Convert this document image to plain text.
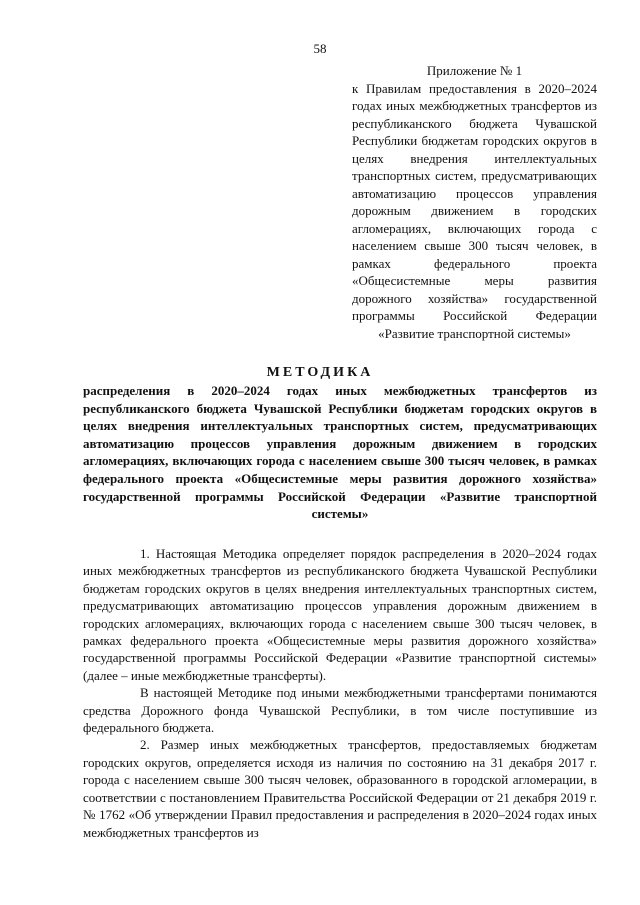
58
Приложение № 1
к Правилам предоставления в 2020–2024 годах иных межбюджетных трансфертов из республиканского бюджета Чувашской Республики бюджетам городских округов в целях внедрения интеллектуальных транспортных систем, предусматривающих автоматизацию процессов управления дорожным движением в городских агломерациях, включающих города с населением свыше 300 тысяч человек, в рамках федерального проекта «Общесистемные меры развития дорожного хозяйства» государственной программы Российской Федерации «Развитие транспортной системы»
МЕТОДИКА
распределения в 2020–2024 годах иных межбюджетных трансфертов из республиканского бюджета Чувашской Республики бюджетам городских округов в целях внедрения интеллектуальных транспортных систем, предусматривающих автоматизацию процессов управления дорожным движением в городских агломерациях, включающих города с населением свыше 300 тысяч человек, в рамках федерального проекта «Общесистемные меры развития дорожного хозяйства» государственной программы Российской Федерации «Развитие транспортной системы»

1. Настоящая Методика определяет порядок распределения в 2020–2024 годах иных межбюджетных трансфертов из республиканского бюджета Чувашской Республики бюджетам городских округов в целях внедрения интеллектуальных транспортных систем, предусматривающих автоматизацию процессов управления дорожным движением в городских агломерациях, включающих города с населением свыше 300 тысяч человек, в рамках федерального проекта «Общесистемные меры развития дорожного хозяйства» государственной программы Российской Федерации «Развитие транспортной системы» (далее – иные межбюджетные трансферты).

В настоящей Методике под иными межбюджетными трансфертами понимаются средства Дорожного фонда Чувашской Республики, в том числе поступившие из федерального бюджета.

2. Размер иных межбюджетных трансфертов, предоставляемых бюджетам городских округов, определяется исходя из наличия по состоянию на 31 декабря 2017 г. города с населением свыше 300 тысяч человек, образованного в городской агломерации, в соответствии с постановлением Правительства Российской Федерации от 21 декабря 2019 г. № 1762 «Об утверждении Правил предоставления и распределения в 2020–2024 годах иных межбюджетных трансфертов из
